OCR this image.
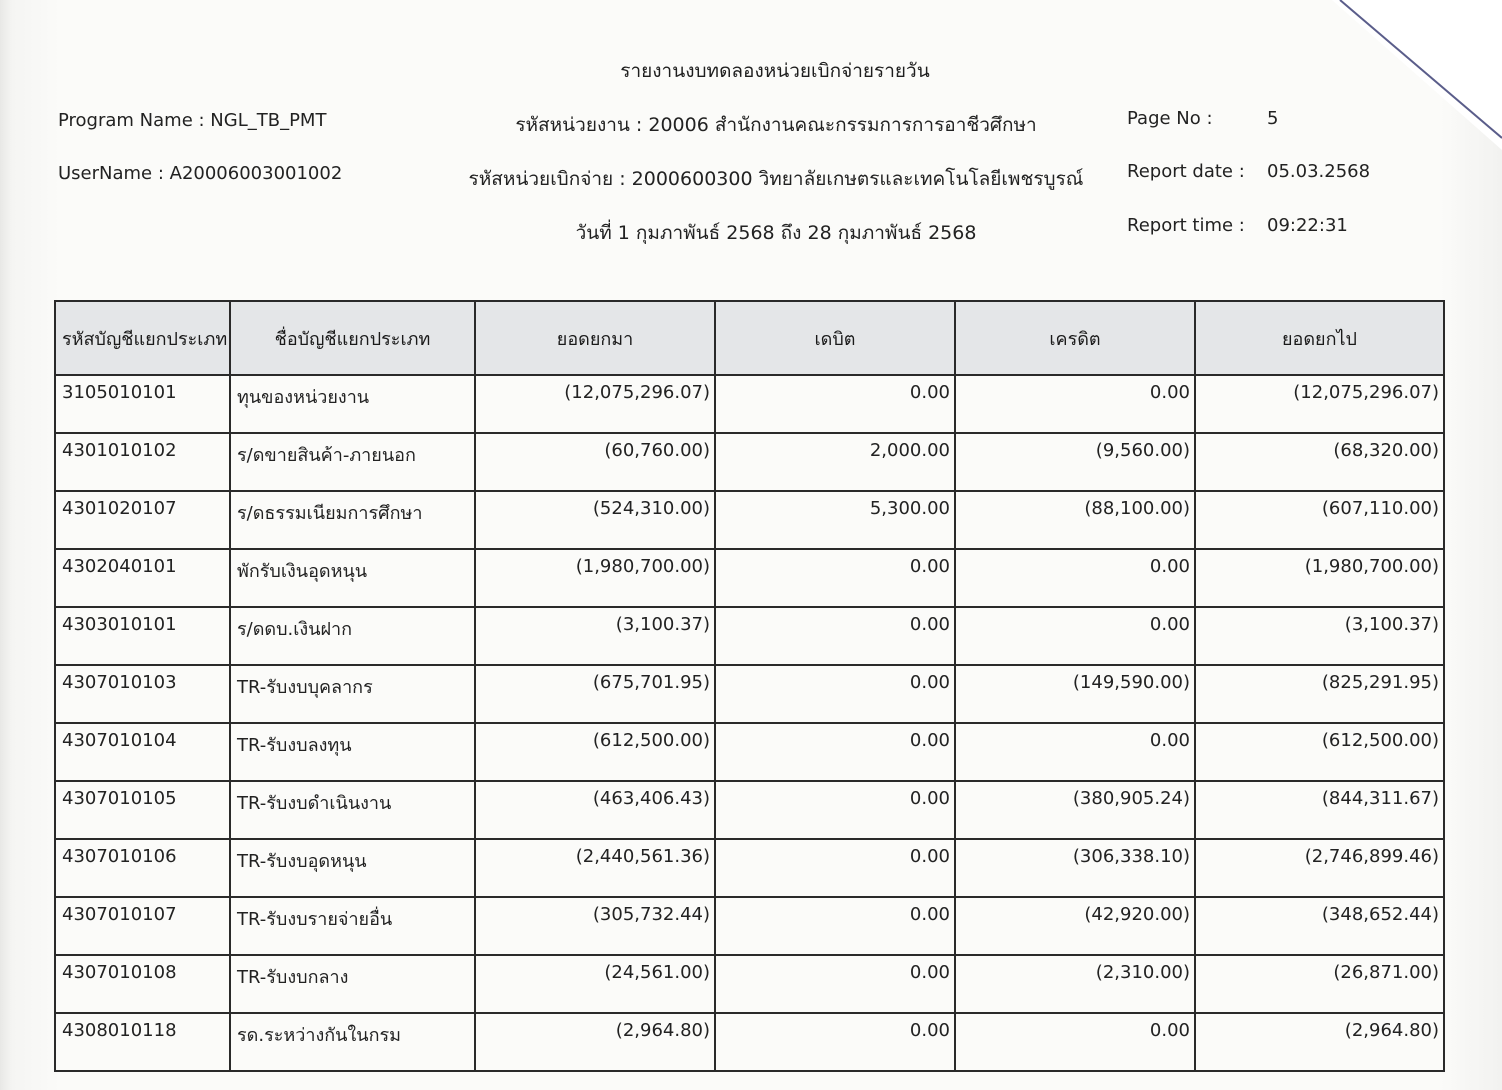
รายงานงบทดลองหน่วยเบิกจ่ายรายวัน
Program Name : NGL_TB_PMT
UserName : A20006003001002
รหัสหน่วยงาน : 20006 สำนักงานคณะกรรมการการอาชีวศึกษา
รหัสหน่วยเบิกจ่าย : 2000600300 วิทยาลัยเกษตรและเทคโนโลยีเพชรบูรณ์
วันที่ 1 กุมภาพันธ์ 2568 ถึง 28 กุมภาพันธ์ 2568
Page No :	5
Report date : 05.03.2568
Report time : 09:22:31
รหัสบัญชีแยกประเภท	ชื่อบัญชีแยกประเภท	ยอดยกมา	เดบิต	เครดิต	ยอดยกไป
3105010101	ทุนของหน่วยงาน	(12,075,296.07)	0.00	0.00	(12,075,296.07)
4301010102	ร/ดขายสินค้า-ภายนอก	(60,760.00)	2,000.00	(9,560.00)	(68,320.00)
4301020107	ร/ดธรรมเนียมการศึกษา	(524,310.00)	5,300.00	(88,100.00)	(607,110.00)
4302040101	พักรับเงินอุดหนุน	(1,980,700.00)	0.00	0.00	(1,980,700.00)
4303010101	ร/ดดบ.เงินฝาก	(3,100.37)	0.00	0.00	(3,100.37)
4307010103	TR-รับงบบุคลากร	(675,701.95)	0.00	(149,590.00)	(825,291.95)
4307010104	TR-รับงบลงทุน	(612,500.00)	0.00	0.00	(612,500.00)
4307010105	TR-รับงบดำเนินงาน	(463,406.43)	0.00	(380,905.24)	(844,311.67)
4307010106	TR-รับงบอุดหนุน	(2,440,561.36)	0.00	(306,338.10)	(2,746,899.46)
4307010107	TR-รับงบรายจ่ายอื่น	(305,732.44)	0.00	(42,920.00)	(348,652.44)
4307010108	TR-รับงบกลาง	(24,561.00)	0.00	(2,310.00)	(26,871.00)
4308010118	รด.ระหว่างกันในกรม	(2,964.80)	0.00	0.00	(2,964.80)
